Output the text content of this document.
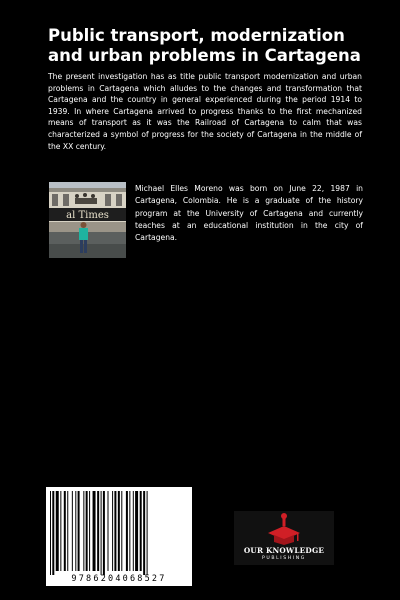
Public transport, modernization and urban problems in Cartagena

The present investigation has as title public transport modernization and urban problems in Cartagena which alludes to the changes and transformation that Cartagena and the country in general experienced during the period 1914 to 1939. In where Cartagena arrived to progress thanks to the first mechanized means of transport as it was the Railroad of Cartagena to calm that was characterized a symbol of progress for the society of Cartagena in the middle of the XX century.

al Times

Michael Elles Moreno was born on June 22, 1987 in Cartagena, Colombia. He is a graduate of the history program at the University of Cartagena and currently teaches at an educational institution in the city of Cartagena.

9786204068527
OUR KNOWLEDGE
PUBLISHING
